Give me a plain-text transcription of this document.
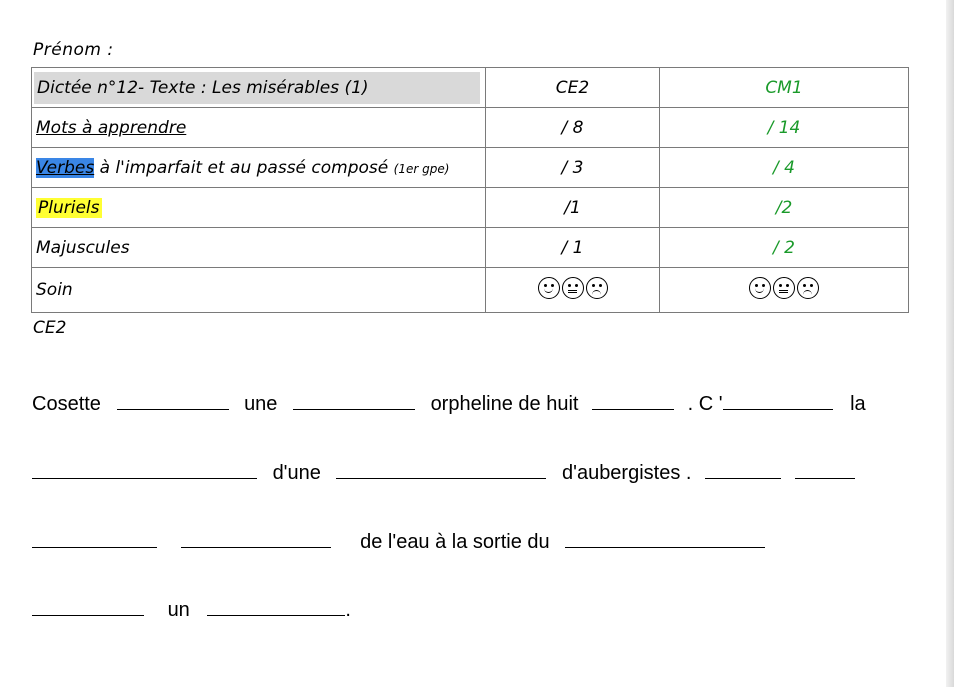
Prénom :
Dictée n°12- Texte : Les misérables (1)	CE2	CM1
Mots à apprendre	/ 8	/ 14
Verbes à l'imparfait et au passé composé (1er gpe)	/ 3	/ 4
Pluriels	/1	/2
Majuscules	/ 1	/ 2
Soin	

CE2
Cosette	une	orpheline de huit	. C '	la
d'une	d'aubergistes .
de l'eau à la sortie du
un	.
